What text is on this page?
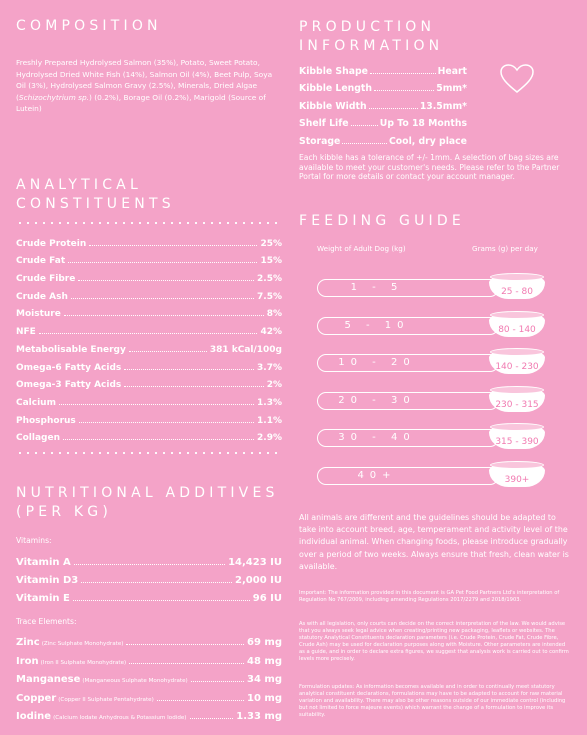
COMPOSITION

Freshly Prepared Hydrolysed Salmon (35%), Potato, Sweet Potato, Hydrolysed Dried White Fish (14%), Salmon Oil (4%), Beet Pulp, Soya Oil (3%), Hydrolysed Salmon Gravy (2.5%), Minerals, Dried Algae (Schizochytrium sp.) (0.2%), Borage Oil (0.2%), Marigold (Source of Lutein)

ANALYTICAL CONSTITUENTS
Crude Protein	25%
Crude Fat	15%
Crude Fibre	2.5%
Crude Ash	7.5%
Moisture	8%
NFE	42%
Metabolisable Energy	381 kCal/100g
Omega-6 Fatty Acids	3.7%
Omega-3 Fatty Acids	2%
Calcium	1.3%
Phosphorus	1.1%
Collagen	2.9%
NUTRITIONAL ADDITIVES (PER KG)
Vitamins:
Vitamin A	14,423 IU
Vitamin D3	2,000 IU
Vitamin E	96 IU
Trace Elements:
Zinc (Zinc Sulphate Monohydrate)	69 mg
Iron (Iron II Sulphate Monohydrate)	48 mg
Manganese (Manganeous Sulphate Monohydrate)	34 mg
Copper (Copper II Sulphate Pentahydrate)	10 mg
Iodine (Calcium Iodate Anhydrous & Potassium Iodide)	1.33 mg
PRODUCTION INFORMATION
Kibble Shape	Heart
Kibble Length	5mm*
Kibble Width	13.5mm*
Shelf Life	Up To 18 Months
Storage	Cool, dry place

Each kibble has a tolerance of +/- 1mm. A selection of bag sizes are available to meet your customer's needs. Please refer to the Partner Portal for more details or contact your account manager.

FEEDING GUIDE
Weight of Adult Dog (kg)	Grams (g) per day
1 - 5	25 - 80
5 - 10	80 - 140
10 - 20	140 - 230
20 - 30	230 - 315
30 - 40	315 - 390
40+	390+

All animals are different and the guidelines should be adapted to take into account breed, age, temperament and activity level of the individual animal. When changing foods, please introduce gradually over a period of two weeks. Always ensure that fresh, clean water is available.

Important: The information provided in this document is GA Pet Food Partners Ltd's interpretation of Regulation No 767/2009, including amending Regulations 2017/2279 and 2018/1903.

As with all legislation, only courts can decide on the correct interpretation of the law. We would advise that you always seek legal advice when creating/printing new packaging, leaflets or websites. The statutory Analytical Constituents declaration parameters (i.e. Crude Protein, Crude Fat, Crude Fibre, Crude Ash) may be used for declaration purposes along with Moisture. Other parameters are intended as a guide, and in order to declare extra figures, we suggest that analysis work is carried out to confirm levels more precisely.

Formulation updates: As information becomes available and in order to continually meet statutory analytical constituent declarations, formulations may have to be adapted to account for raw material variation and availability. There may also be other reasons outside of our immediate control (including but not limited to force majeure events) which warrant the change of a formulation to improve its suitability.
